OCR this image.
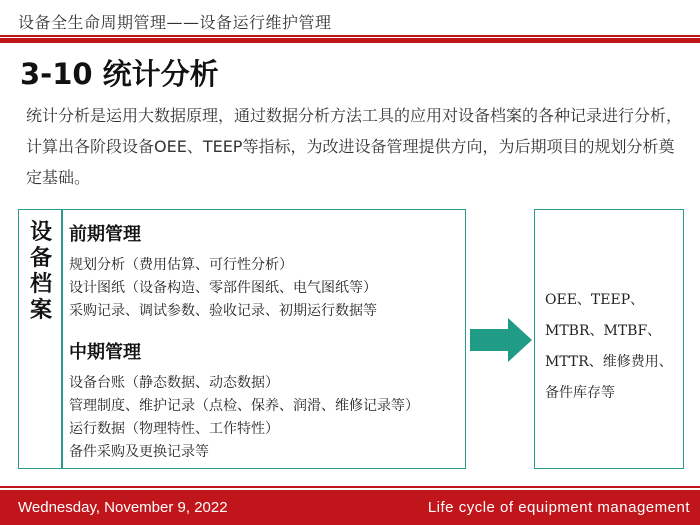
设备全生命周期管理——设备运行维护管理
3-10 统计分析
统计分析是运用大数据原理，通过数据分析方法工具的应用对设备档案的各种记录进行分析，计算出各阶段设备OEE、TEEP等指标，为改进设备管理提供方向，为后期项目的规划分析奠定基础。
设
备
档
案
前期管理
规划分析（费用估算、可行性分析）
设计图纸（设备构造、零部件图纸、电气图纸等）
采购记录、调试参数、验收记录、初期运行数据等
中期管理
设备台账（静态数据、动态数据）
管理制度、维护记录（点检、保养、润滑、维修记录等）
运行数据（物理特性、工作特性）
备件采购及更换记录等
OEE、TEEP、MTBR、MTBF、MTTR、维修费用、备件库存等
Wednesday, November 9, 2022	Life cycle of equipment management
